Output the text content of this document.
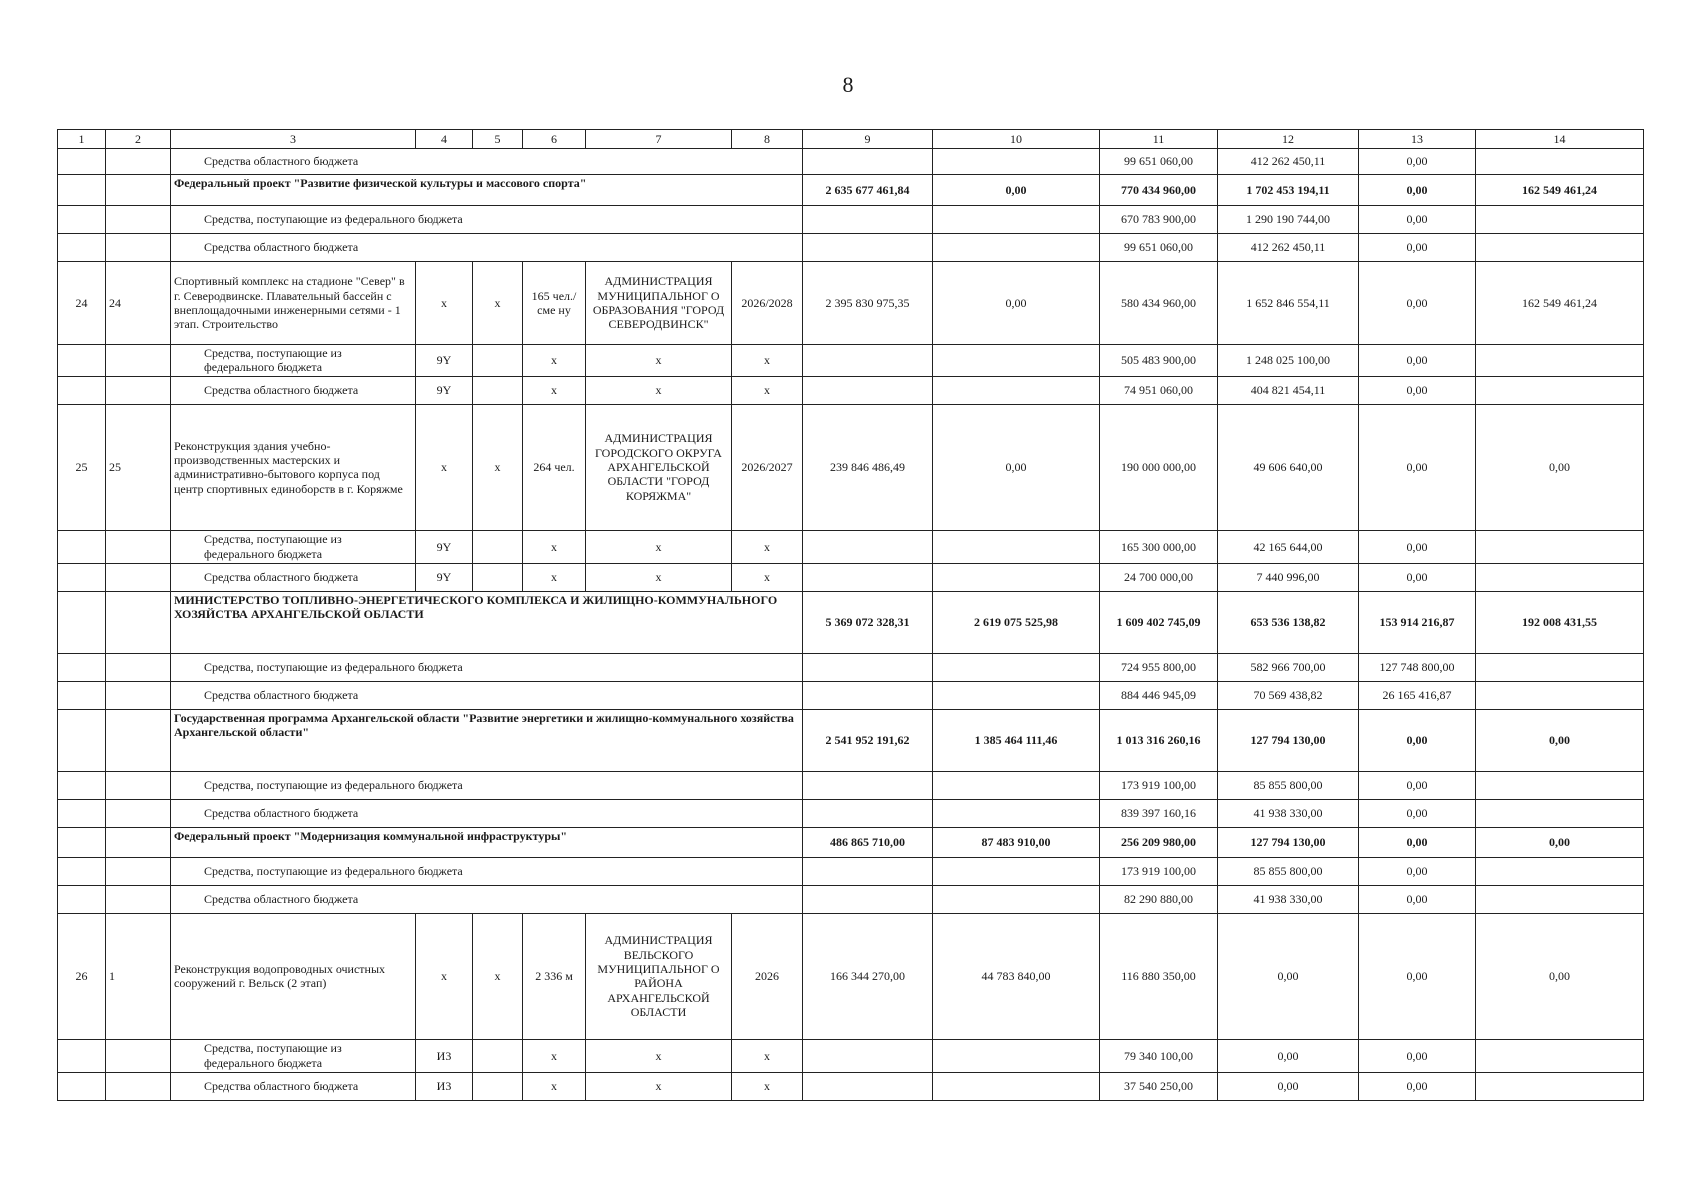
8
1	2	3	4	5	6	7	8	9	10	11	12	13	14
		Средства областного бюджета								99 651 060,00	412 262 450,11	0,00	
		Федеральный проект "Развитие физической культуры и массового спорта"						2 635 677 461,84	0,00	770 434 960,00	1 702 453 194,11	0,00	162 549 461,24
		Средства, поступающие из федерального бюджета								670 783 900,00	1 290 190 744,00	0,00	
		Средства областного бюджета								99 651 060,00	412 262 450,11	0,00	
24	24	Спортивный комплекс на стадионе "Север" в г. Северодвинске. Плавательный бассейн с внеплощадочными инженерными сетями - 1 этап. Строительство	х	х	165 чел./сме ну	АДМИНИСТРАЦИЯ МУНИЦИПАЛЬНОГ О ОБРАЗОВАНИЯ "ГОРОД СЕВЕРОДВИНСК"	2026/2028	2 395 830 975,35	0,00	580 434 960,00	1 652 846 554,11	0,00	162 549 461,24
		Средства, поступающие из федерального бюджета	9Y		х	х	х			505 483 900,00	1 248 025 100,00	0,00	
		Средства областного бюджета	9Y		х	х	х			74 951 060,00	404 821 454,11	0,00	
25	25	Реконструкция здания учебно-производственных мастерских и административно-бытового корпуса под центр спортивных единоборств в г. Коряжме	х	х	264 чел.	АДМИНИСТРАЦИЯ ГОРОДСКОГО ОКРУГА АРХАНГЕЛЬСКОЙ ОБЛАСТИ "ГОРОД КОРЯЖМА"	2026/2027	239 846 486,49	0,00	190 000 000,00	49 606 640,00	0,00	0,00
		Средства, поступающие из федерального бюджета	9Y		х	х	х			165 300 000,00	42 165 644,00	0,00	
		Средства областного бюджета	9Y		х	х	х			24 700 000,00	7 440 996,00	0,00	
		МИНИСТЕРСТВО ТОПЛИВНО-ЭНЕРГЕТИЧЕСКОГО КОМПЛЕКСА И ЖИЛИЩНО-КОММУНАЛЬНОГО ХОЗЯЙСТВА АРХАНГЕЛЬСКОЙ ОБЛАСТИ						5 369 072 328,31	2 619 075 525,98	1 609 402 745,09	653 536 138,82	153 914 216,87	192 008 431,55
		Средства, поступающие из федерального бюджета								724 955 800,00	582 966 700,00	127 748 800,00	
		Средства областного бюджета								884 446 945,09	70 569 438,82	26 165 416,87	
		Государственная программа Архангельской области "Развитие энергетики и жилищно-коммунального хозяйства Архангельской области"						2 541 952 191,62	1 385 464 111,46	1 013 316 260,16	127 794 130,00	0,00	0,00
		Средства, поступающие из федерального бюджета								173 919 100,00	85 855 800,00	0,00	
		Средства областного бюджета								839 397 160,16	41 938 330,00	0,00	
		Федеральный проект "Модернизация коммунальной инфраструктуры"						486 865 710,00	87 483 910,00	256 209 980,00	127 794 130,00	0,00	0,00
		Средства, поступающие из федерального бюджета								173 919 100,00	85 855 800,00	0,00	
		Средства областного бюджета								82 290 880,00	41 938 330,00	0,00	
26	1	Реконструкция водопроводных очистных сооружений г. Вельск (2 этап)	х	х	2 336 м	АДМИНИСТРАЦИЯ ВЕЛЬСКОГО МУНИЦИПАЛЬНОГ О РАЙОНА АРХАНГЕЛЬСКОЙ ОБЛАСТИ	2026	166 344 270,00	44 783 840,00	116 880 350,00	0,00	0,00	0,00
		Средства, поступающие из федерального бюджета	И3		х	х	х			79 340 100,00	0,00	0,00	
		Средства областного бюджета	И3		х	х	х			37 540 250,00	0,00	0,00	
